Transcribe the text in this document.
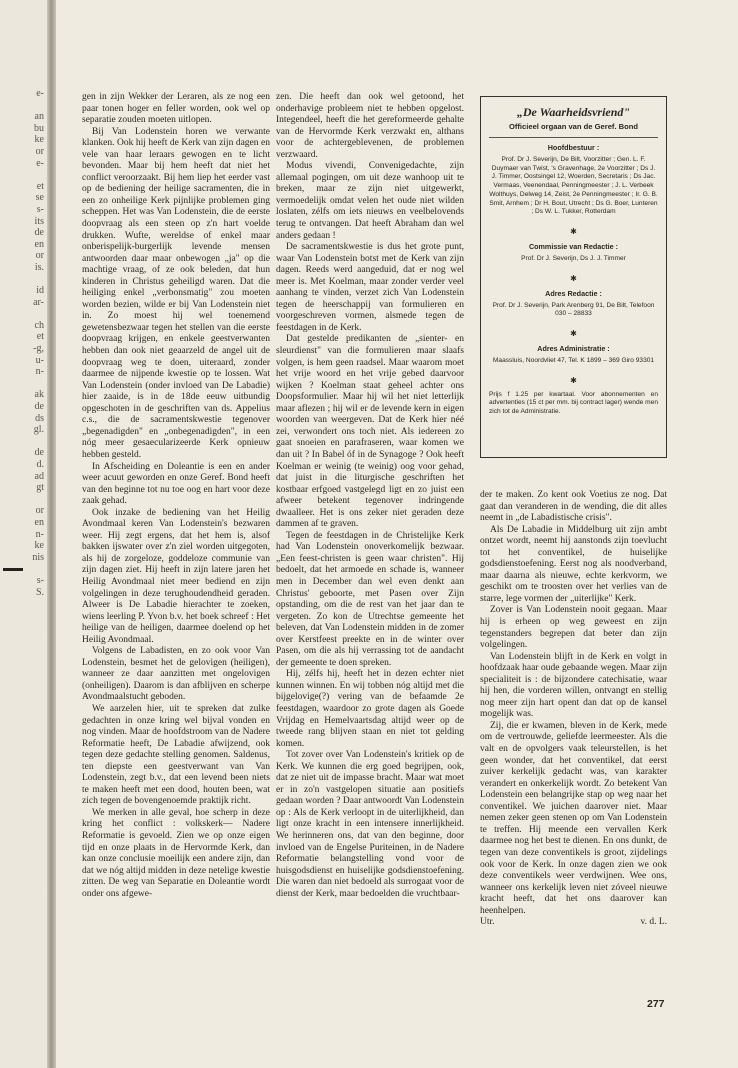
e-
an
bu
ke
or
e-
et
se
s-
its
de
en
or
is.
id
ar-
ch
et
-g,
u-
n-
ak
de
ds
gl.
de
d.
ad
gt
or
en
n-
ke
nis
s-
S.

gen in zijn Wekker der Leraren, als ze nog een paar tonen hoger en feller worden, ook wel op separatie zouden moeten uitlopen.

Bij Van Lodenstein horen we verwante klanken. Ook hij heeft de Kerk van zijn dagen en vele van haar leraars gewogen en te licht bevonden. Maar bij hem heeft dat niet het conflict veroorzaakt. Bij hem liep het eerder vast op de bediening der heilige sacramenten, die in een zo onheilige Kerk pijnlijke problemen ging scheppen. Het was Van Lodenstein, die de eerste doopvraag als een steen op z'n hart voelde drukken. Wufte, wereldse of enkel maar onberispelijk-burgerlijk levende mensen antwoorden daar maar onbewogen „ja" op die machtige vraag, of ze ook beleden, dat hun kinderen in Christus geheiligd waren. Dat die heiliging enkel „verbonsmatig" zou moeten worden bezien, wilde er bij Van Lodenstein niet in. Zo moest hij wel toenemend gewetensbezwaar tegen het stellen van die eerste doopvraag krijgen, en enkele geestverwanten hebben dan ook niet geaarzeld de angel uit de doopvraag weg te doen, uiteraard, zonder daarmee de nijpende kwestie op te lossen. Wat Van Lodenstein (onder invloed van De Labadie) hier zaaide, is in de 18de eeuw uitbundig opgeschoten in de geschriften van ds. Appelius c.s., die de sacramentskwestie tegenover „begenadigden" en „onbegenadigden", in een nóg meer gesaecularizeerde Kerk opnieuw hebben gesteld.

In Afscheiding en Doleantie is een en ander weer acuut geworden en onze Geref. Bond heeft van den beginne tot nu toe oog en hart voor deze zaak gehad.

Ook inzake de bediening van het Heilig Avondmaal keren Van Lodenstein's bezwaren weer. Hij zegt ergens, dat het hem is, alsof bakken ijswater over z'n ziel worden uitgegoten, als hij de zorgeloze, goddeloze communie van zijn dagen ziet. Hij heeft in zijn latere jaren het Heilig Avondmaal niet meer bediend en zijn volgelingen in deze terughoudendheid geraden. Alweer is De Labadie hierachter te zoeken, wiens leerling P. Yvon b.v. het boek schreef : Het heilige van de heiligen, daarmee doelend op het Heilig Avondmaal.

Volgens de Labadisten, en zo ook voor Van Lodenstein, besmet het de gelovigen (heiligen), wanneer ze daar aanzitten met ongelovigen (onheiligen). Daarom is dan afblijven en scherpe Avondmaalstucht geboden.

We aarzelen hier, uit te spreken dat zulke gedachten in onze kring wel bijval vonden en nog vinden. Maar de hoofdstroom van de Nadere Reformatie heeft, De Labadie afwijzend, ook tegen deze gedachte stelling genomen. Saldenus, ten diepste een geestverwant van Van Lodenstein, zegt b.v., dat een levend been niets te maken heeft met een dood, houten been, wat zich tegen de bovengenoemde praktijk richt.

We merken in alle geval, hoe scherp in deze kring het conflict : volkskerk— Nadere Reformatie is gevoeld. Zien we op onze eigen tijd en onze plaats in de Hervormde Kerk, dan kan onze conclusie moeilijk een andere zijn, dan dat we nóg altijd midden in deze netelige kwestie zitten. De weg van Separatie en Doleantie wordt onder ons afgewe-

zen. Die heeft dan ook wel getoond, het onderhavige probleem niet te hebben opgelost. Integendeel, heeft die het gereformeerde gehalte van de Hervormde Kerk verzwakt en, althans voor de achtergeblevenen, de problemen verzwaard.

Modus vivendi, Convenigedachte, zijn allemaal pogingen, om uit deze wanhoop uit te breken, maar ze zijn niet uitgewerkt, vermoedelijk omdat velen het oude niet wilden loslaten, zélfs om iets nieuws en veelbelovends terug te ontvangen. Dat heeft Abraham dan wel anders gedaan !

De sacramentskwestie is dus het grote punt, waar Van Lodenstein botst met de Kerk van zijn dagen. Reeds werd aangeduid, dat er nog wel meer is. Met Koelman, maar zonder verder veel aanhang te vinden, verzet zich Van Lodenstein tegen de heerschappij van formulieren en voorgeschreven vormen, alsmede tegen de feestdagen in de Kerk.

Dat gestelde predikanten de „sienter- en sleurdienst" van die formulieren maar slaafs volgen, is hem geen raadsel. Maar waarom moet het vrije woord en het vrije gebed daarvoor wijken ? Koelman staat geheel achter ons Doopsformulier. Maar hij wil het niet letterlijk maar aflezen ; hij wil er de levende kern in eigen woorden van weergeven. Dat de Kerk hier néé zei, verwondert ons toch niet. Als iedereen zo gaat snoeien en parafraseren, waar komen we dan uit ? In Babel óf in de Synagoge ? Ook heeft Koelman er weinig (te weinig) oog voor gehad, dat juist in die liturgische geschriften het kostbaar erfgoed vastgelegd ligt en zo juist een afweer betekent tegenover indringende dwaalleer. Het is ons zeker niet geraden deze dammen af te graven.

Tegen de feestdagen in de Christelijke Kerk had Van Lodenstein onoverkomelijk bezwaar. „Een feest-christen is geen waar christen". Hij bedoelt, dat het armoede en schade is, wanneer men in December dan wel even denkt aan Christus' geboorte, met Pasen over Zijn opstanding, om die de rest van het jaar dan te vergeten. Zo kon de Utrechtse gemeente het beleven, dat Van Lodenstein midden in de zomer over Kerstfeest preekte en in de winter over Pasen, om die als hij verrassing tot de aandacht der gemeente te doen spreken.

Hij, zélfs hij, heeft het in dezen echter niet kunnen winnen. En wij tobben nóg altijd met die bijgelovige(?) vering van de befaamde 2e feestdagen, waardoor zo grote dagen als Goede Vrijdag en Hemelvaartsdag altijd weer op de tweede rang blijven staan en niet tot gelding komen.

Tot zover over Van Lodenstein's kritiek op de Kerk. We kunnen die erg goed begrijpen, ook, dat ze niet uit de impasse bracht. Maar wat moet er in zo'n vastgelopen situatie aan positiefs gedaan worden ? Daar antwoordt Van Lodenstein op : Als de Kerk verloopt in de uiterlijkheid, dan ligt onze kracht in een intensere innerlijkheid. We herinneren ons, dat van den beginne, door invloed van de Engelse Puriteinen, in de Nadere Reformatie belangstelling vond voor de huisgodsdienst en huiselijke godsdienstoefening. Die waren dan niet bedoeld als surrogaat voor de dienst der Kerk, maar bedoelden die vruchtbaar-

„De Waarheidsvriend"
Officieel orgaan van de Geref. Bond
Hoofdbestuur :
Prof. Dr J. Severijn, De Bilt, Voorzitter ; Gen. L. F. Duymaer van Twist, 's Gravenhage, 2e Voorzitter ; Ds J. J. Timmer, Oostsingel 12, Woerden, Secretaris ; Ds Jac. Vermaas, Veenendaal, Penningmeester ; J. L. Verbeek Wolthuys, Delweg 14, Zeist, 2e Penningmeester ; Ir. G. B. Smit, Arnhem ; Dr H. Bout, Utrecht ; Ds G. Boer, Lunteren ; Ds W. L. Tukker, Rotterdam
✱
Commissie van Redactie :
Prof. Dr J. Severijn, Ds J. J. Timmer
✱
Adres Redactie :
Prof. Dr J. Severijn, Park Arenberg 91, De Bilt, Telefoon 030 – 28833
✱
Adres Administratie :
Maassluis, Noordvliet 47, Tel. K 1899 – 369 Giro 93301
✱
Prijs f 1.25 per kwartaal. Voor abonnementen en advertenties (15 ct per mm. bij contract lager) wende men zich tot de Administratie.

der te maken. Zo kent ook Voetius ze nog. Dat gaat dan veranderen in de wending, die dit alles neemt in „de Labadistische crisis".

Als De Labadie in Middelburg uit zijn ambt ontzet wordt, neemt hij aanstonds zijn toevlucht tot het conventikel, de huiselijke godsdienstoefening. Eerst nog als noodverband, maar daarna als nieuwe, echte kerkvorm, we geschikt om te troosten over het verlies van de starre, lege vormen der „uiterlijke" Kerk.

Zover is Van Lodenstein nooit gegaan. Maar hij is erheen op weg geweest en zijn tegenstanders begrepen dat beter dan zijn volgelingen.

Van Lodenstein blijft in de Kerk en volgt in hoofdzaak haar oude gebaande wegen. Maar zijn specialiteit is : de bijzondere catechisatie, waar hij hen, die vorderen willen, ontvangt en stellig nog meer zijn hart opent dan dat op de kansel mogelijk was.

Zij, die er kwamen, bleven in de Kerk, mede om de vertrouwde, geliefde leermeester. Als die valt en de opvolgers vaak teleurstellen, is het geen wonder, dat het conventikel, dat eerst zuiver kerkelijk gedacht was, van karakter verandert en onkerkelijk wordt. Zo betekent Van Lodenstein een belangrijke stap op weg naar het conventikel. We juichen daarover niet. Maar nemen zeker geen stenen op om Van Lodenstein te treffen. Hij meende een vervallen Kerk daarmee nog het best te dienen. En ons dunkt, de tegen van deze conventikels is groot, zijdelings ook voor de Kerk. In onze dagen zien we ook deze conventikels weer verdwijnen. Wee ons, wanneer ons kerkelijk leven niet zóveel nieuwe kracht heeft, dat het ons daarover kan heenhelpen.

Utr.	v. d. L.
277
